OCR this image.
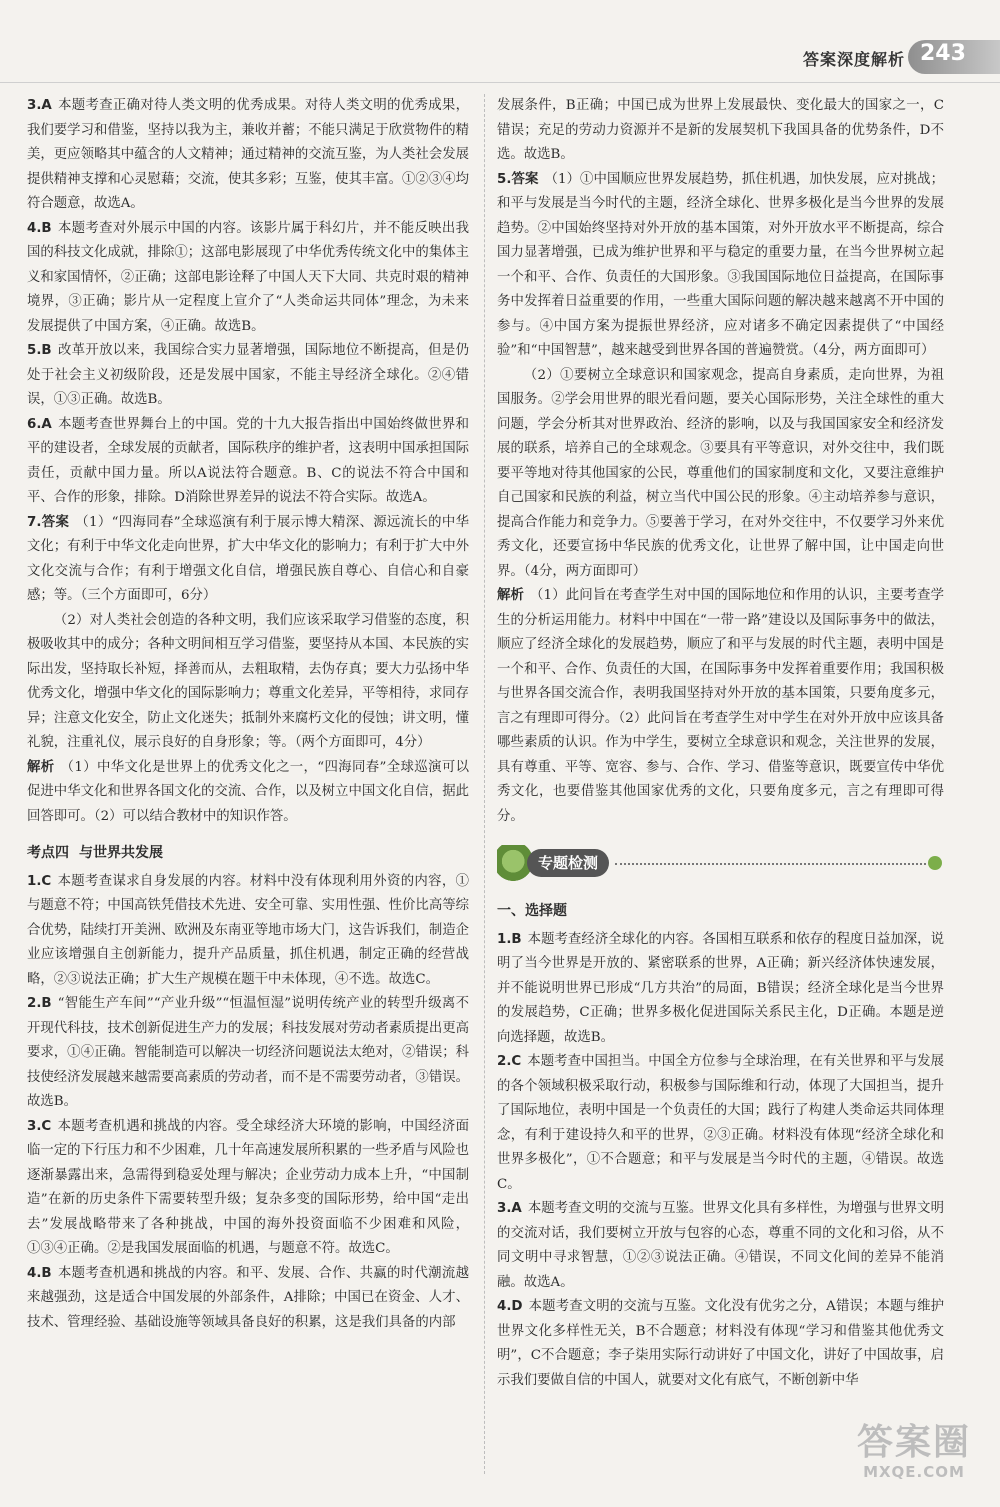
答案深度解析 243

3.A 本题考查正确对待人类文明的优秀成果。对待人类文明的优秀成果，我们要学习和借鉴，坚持以我为主，兼收并蓄；不能只满足于欣赏物件的精美，更应领略其中蕴含的人文精神；通过精神的交流互鉴，为人类社会发展提供精神支撑和心灵慰藉；交流，使其多彩；互鉴，使其丰富。①②③④均符合题意，故选A。

4.B 本题考查对外展示中国的内容。该影片属于科幻片，并不能反映出我国的科技文化成就，排除①；这部电影展现了中华优秀传统文化中的集体主义和家国情怀，②正确；这部电影诠释了中国人天下大同、共克时艰的精神境界，③正确；影片从一定程度上宣介了“人类命运共同体”理念，为未来发展提供了中国方案，④正确。故选B。

5.B 改革开放以来，我国综合实力显著增强，国际地位不断提高，但是仍处于社会主义初级阶段，还是发展中国家，不能主导经济全球化。②④错误，①③正确。故选B。

6.A 本题考查世界舞台上的中国。党的十九大报告指出中国始终做世界和平的建设者，全球发展的贡献者，国际秩序的维护者，这表明中国承担国际责任，贡献中国力量。所以A说法符合题意。B、C的说法不符合中国和平、合作的形象，排除。D消除世界差异的说法不符合实际。故选A。

7.答案 （1）“四海同春”全球巡演有利于展示博大精深、源远流长的中华文化；有利于中华文化走向世界，扩大中华文化的影响力；有利于扩大中外文化交流与合作；有利于增强文化自信，增强民族自尊心、自信心和自豪感；等。（三个方面即可，6分）

（2）对人类社会创造的各种文明，我们应该采取学习借鉴的态度，积极吸收其中的成分；各种文明间相互学习借鉴，要坚持从本国、本民族的实际出发，坚持取长补短，择善而从，去粗取精，去伪存真；要大力弘扬中华优秀文化，增强中华文化的国际影响力；尊重文化差异，平等相待，求同存异；注意文化安全，防止文化迷失；抵制外来腐朽文化的侵蚀；讲文明，懂礼貌，注重礼仪，展示良好的自身形象；等。（两个方面即可，4分）

解析 （1）中华文化是世界上的优秀文化之一，“四海同春”全球巡演可以促进中华文化和世界各国文化的交流、合作，以及树立中国文化自信，据此回答即可。（2）可以结合教材中的知识作答。

考点四 与世界共发展

1.C 本题考查谋求自身发展的内容。材料中没有体现利用外资的内容，①与题意不符；中国高铁凭借技术先进、安全可靠、实用性强、性价比高等综合优势，陆续打开美洲、欧洲及东南亚等地市场大门，这告诉我们，制造企业应该增强自主创新能力，提升产品质量，抓住机遇，制定正确的经营战略，②③说法正确；扩大生产规模在题干中未体现，④不选。故选C。

2.B “智能生产车间”“产业升级”“恒温恒湿”说明传统产业的转型升级离不开现代科技，技术创新促进生产力的发展；科技发展对劳动者素质提出更高要求，①④正确。智能制造可以解决一切经济问题说法太绝对，②错误；科技使经济发展越来越需要高素质的劳动者，而不是不需要劳动者，③错误。故选B。

3.C 本题考查机遇和挑战的内容。受全球经济大环境的影响，中国经济面临一定的下行压力和不少困难，几十年高速发展所积累的一些矛盾与风险也逐渐暴露出来，急需得到稳妥处理与解决；企业劳动力成本上升，“中国制造”在新的历史条件下需要转型升级；复杂多变的国际形势，给中国“走出去”发展战略带来了各种挑战，中国的海外投资面临不少困难和风险，①③④正确。②是我国发展面临的机遇，与题意不符。故选C。

4.B 本题考查机遇和挑战的内容。和平、发展、合作、共赢的时代潮流越来越强劲，这是适合中国发展的外部条件，A排除；中国已在资金、人才、技术、管理经验、基础设施等领域具备良好的积累，这是我们具备的内部

发展条件，B正确；中国已成为世界上发展最快、变化最大的国家之一，C错误；充足的劳动力资源并不是新的发展契机下我国具备的优势条件，D不选。故选B。

5.答案 （1）①中国顺应世界发展趋势，抓住机遇，加快发展，应对挑战；和平与发展是当今时代的主题，经济全球化、世界多极化是当今世界的发展趋势。②中国始终坚持对外开放的基本国策，对外开放水平不断提高，综合国力显著增强，已成为维护世界和平与稳定的重要力量，在当今世界树立起一个和平、合作、负责任的大国形象。③我国国际地位日益提高，在国际事务中发挥着日益重要的作用，一些重大国际问题的解决越来越离不开中国的参与。④中国方案为提振世界经济，应对诸多不确定因素提供了“中国经验”和“中国智慧”，越来越受到世界各国的普遍赞赏。（4分，两方面即可）

（2）①要树立全球意识和国家观念，提高自身素质，走向世界，为祖国服务。②学会用世界的眼光看问题，要关心国际形势，关注全球性的重大问题，学会分析其对世界政治、经济的影响，以及与我国国家安全和经济发展的联系，培养自己的全球观念。③要具有平等意识，对外交往中，我们既要平等地对待其他国家的公民，尊重他们的国家制度和文化，又要注意维护自己国家和民族的利益，树立当代中国公民的形象。④主动培养参与意识，提高合作能力和竞争力。⑤要善于学习，在对外交往中，不仅要学习外来优秀文化，还要宣扬中华民族的优秀文化，让世界了解中国，让中国走向世界。（4分，两方面即可）

解析 （1）此问旨在考查学生对中国的国际地位和作用的认识，主要考查学生的分析运用能力。材料中中国在“一带一路”建设以及国际事务中的做法，顺应了经济全球化的发展趋势，顺应了和平与发展的时代主题，表明中国是一个和平、合作、负责任的大国，在国际事务中发挥着重要作用；我国积极与世界各国交流合作，表明我国坚持对外开放的基本国策，只要角度多元，言之有理即可得分。（2）此问旨在考查学生对中学生在对外开放中应该具备哪些素质的认识。作为中学生，要树立全球意识和观念，关注世界的发展，具有尊重、平等、宽容、参与、合作、学习、借鉴等意识，既要宣传中华优秀文化，也要借鉴其他国家优秀的文化，只要角度多元，言之有理即可得分。

专题检测
一、选择题

1.B 本题考查经济全球化的内容。各国相互联系和依存的程度日益加深，说明了当今世界是开放的、紧密联系的世界，A正确；新兴经济体快速发展，并不能说明世界已形成“几方共治”的局面，B错误；经济全球化是当今世界的发展趋势，C正确；世界多极化促进国际关系民主化，D正确。本题是逆向选择题，故选B。

2.C 本题考查中国担当。中国全方位参与全球治理，在有关世界和平与发展的各个领域积极采取行动，积极参与国际维和行动，体现了大国担当，提升了国际地位，表明中国是一个负责任的大国；践行了构建人类命运共同体理念，有利于建设持久和平的世界，②③正确。材料没有体现“经济全球化和世界多极化”，①不合题意；和平与发展是当今时代的主题，④错误。故选C。

3.A 本题考查文明的交流与互鉴。世界文化具有多样性，为增强与世界文明的交流对话，我们要树立开放与包容的心态，尊重不同的文化和习俗，从不同文明中寻求智慧，①②③说法正确。④错误，不同文化间的差异不能消融。故选A。

4.D 本题考查文明的交流与互鉴。文化没有优劣之分，A错误；本题与维护世界文化多样性无关，B不合题意；材料没有体现“学习和借鉴其他优秀文明”，C不合题意；李子柒用实际行动讲好了中国文化，讲好了中国故事，启示我们要做自信的中国人，就要对文化有底气，不断创新中华

答案圈
MXQE.COM
